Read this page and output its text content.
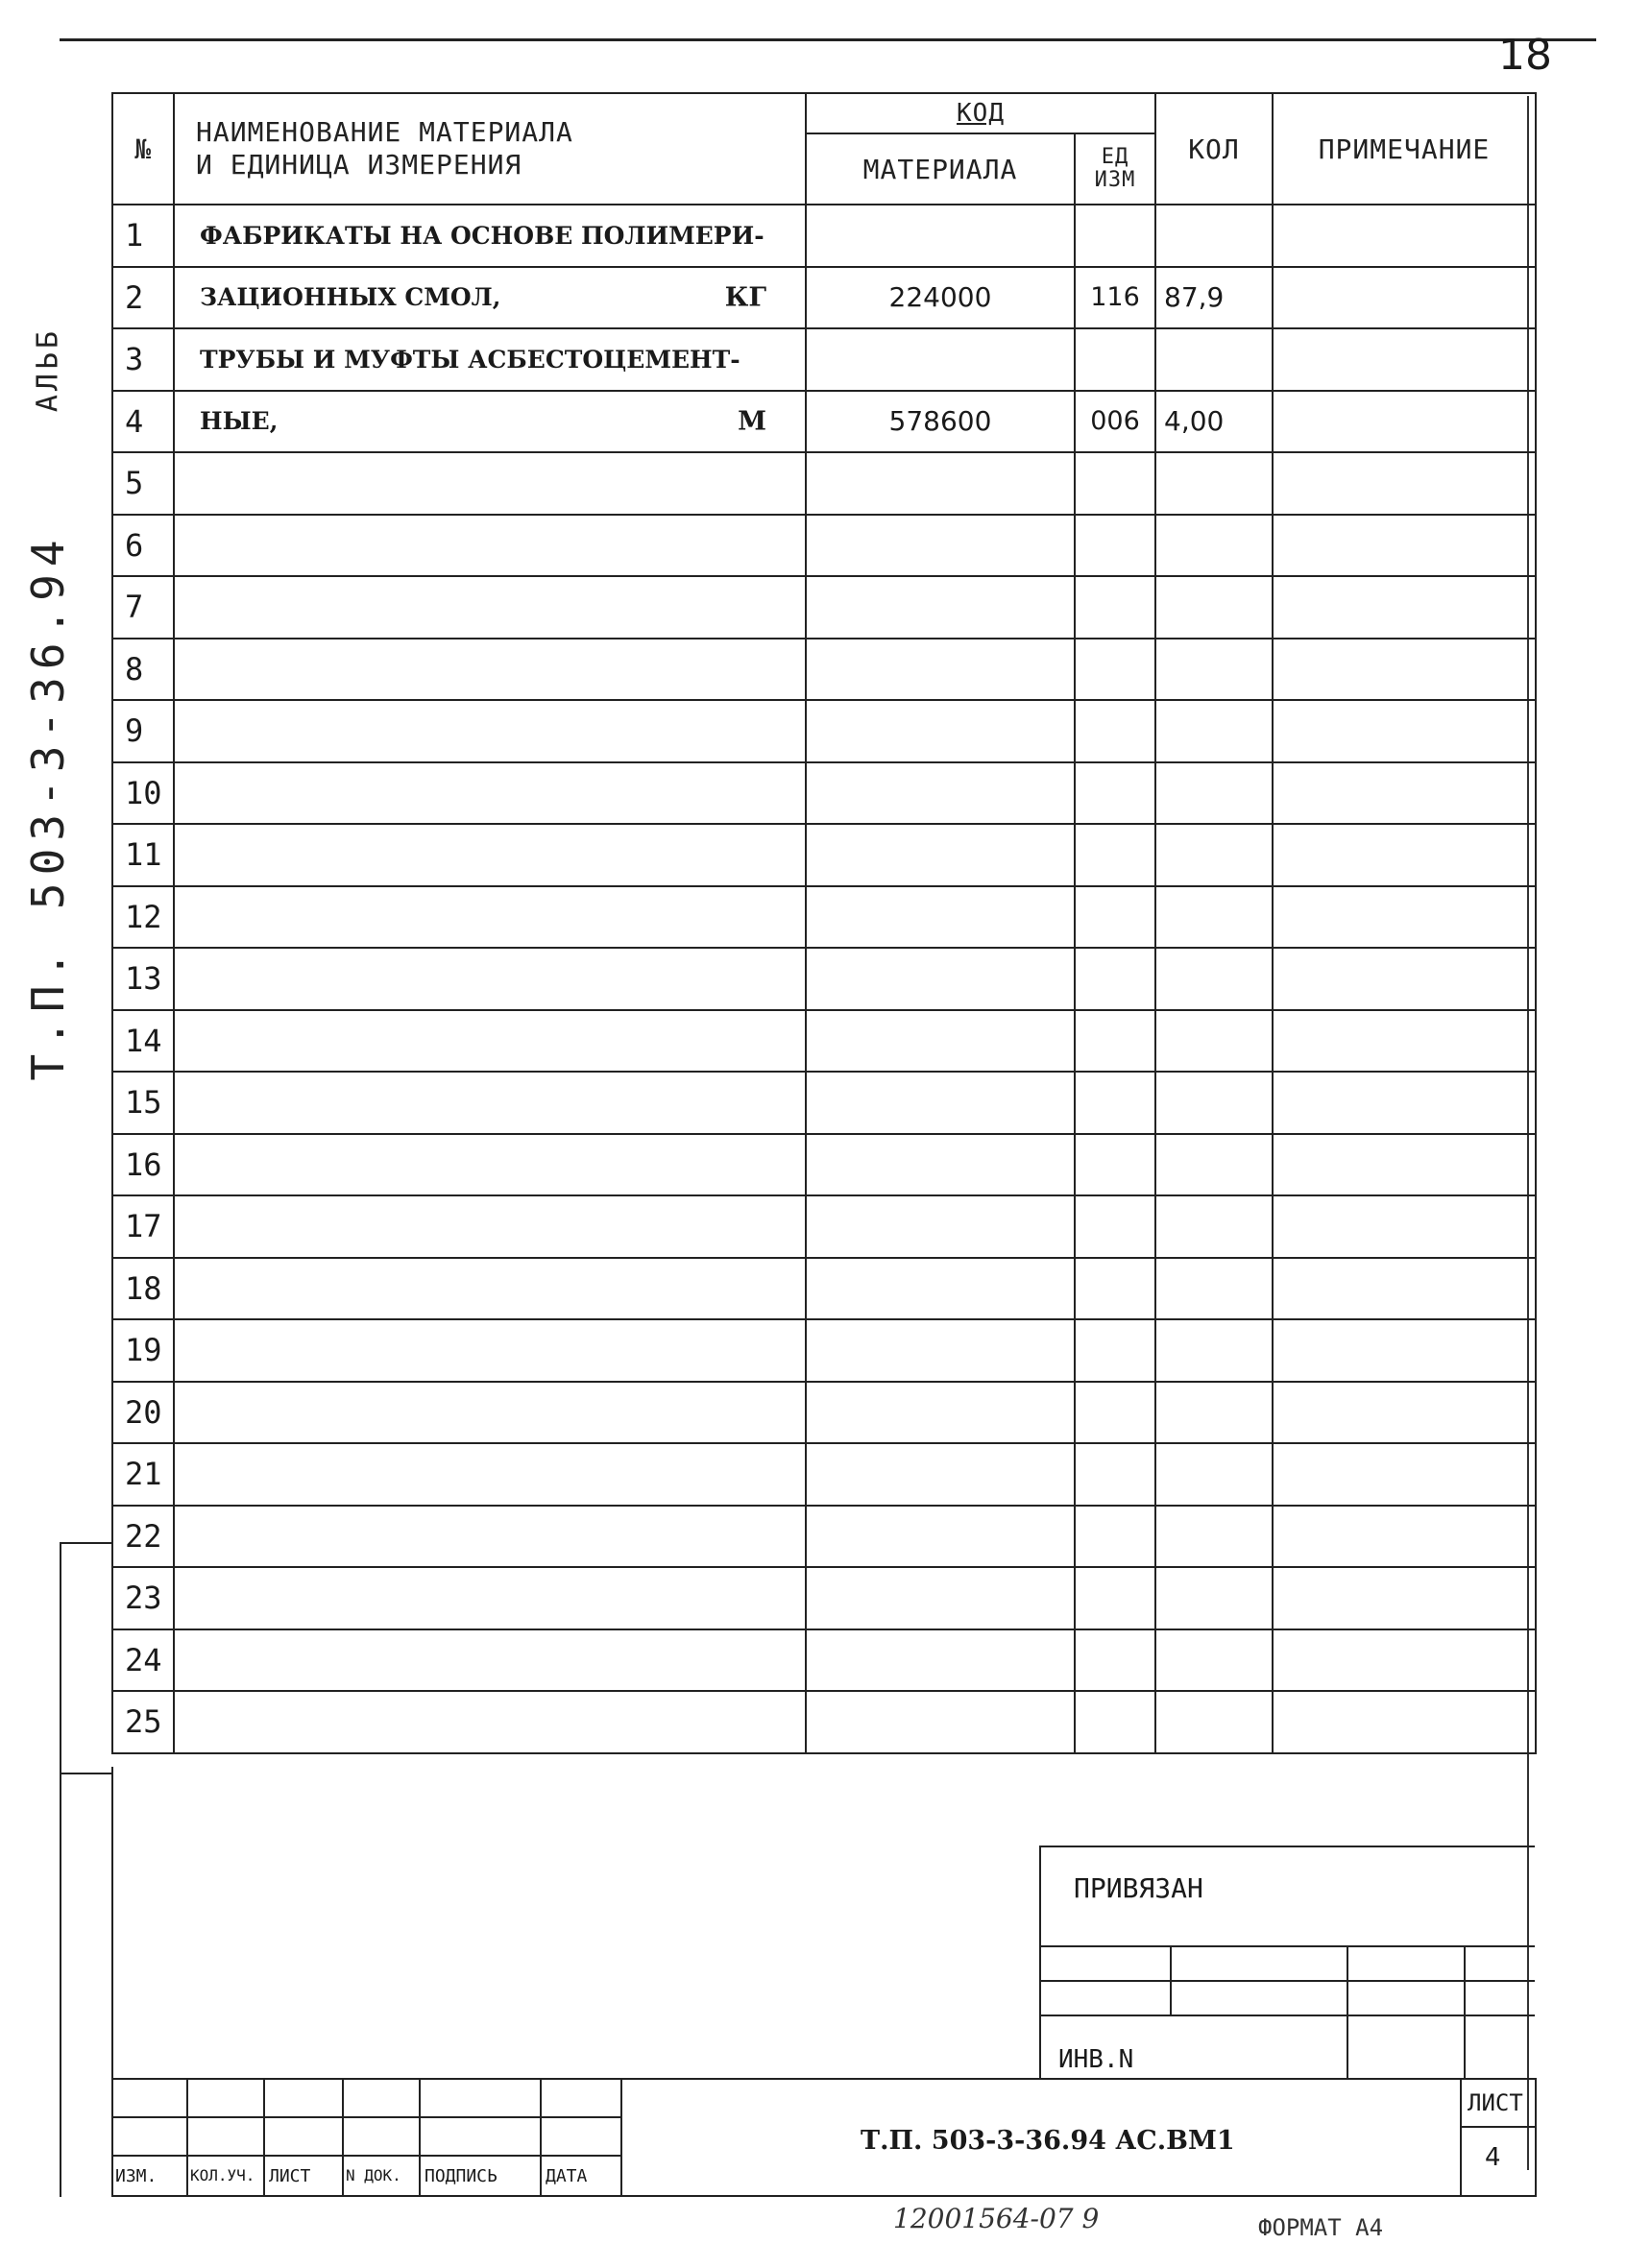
18
АЛЬБ
Т.П. 503-3-36.94
№	НАИМЕНОВАНИЕ МАТЕРИАЛА
И ЕДИНИЦА ИЗМЕРЕНИЯ	КОД		КОЛ	ПРИМЕЧАНИЕ
		МАТЕРИАЛА	ЕД
ИЗМ		

1	ФАБРИКАТЫ НА ОСНОВЕ ПОЛИМЕРИ-

2	ЗАЦИОННЫХ СМОЛ, КГ	224000	116	87,9	
3	ТРУБЫ И МУФТЫ АСБЕСТОЦЕМЕНТ-

4	НЫЕ, М	578600	006	4,00	
5	

6	

7	

8	

9	

10	

11	

12	

13	

14	

15	

16	

17	

18	

19	

20	

21	

22	

23	

24	

25	

ПРИВЯЗАН
ИНВ.N
ИЗМ. КОЛ.УЧ. ЛИСТ N ДОК. ПОДПИСЬ	ДАТА
Т.П. 503-3-36.94 АС.ВМ1
ЛИСТ
4
12001564-07 9	ФОРМАТ А4
